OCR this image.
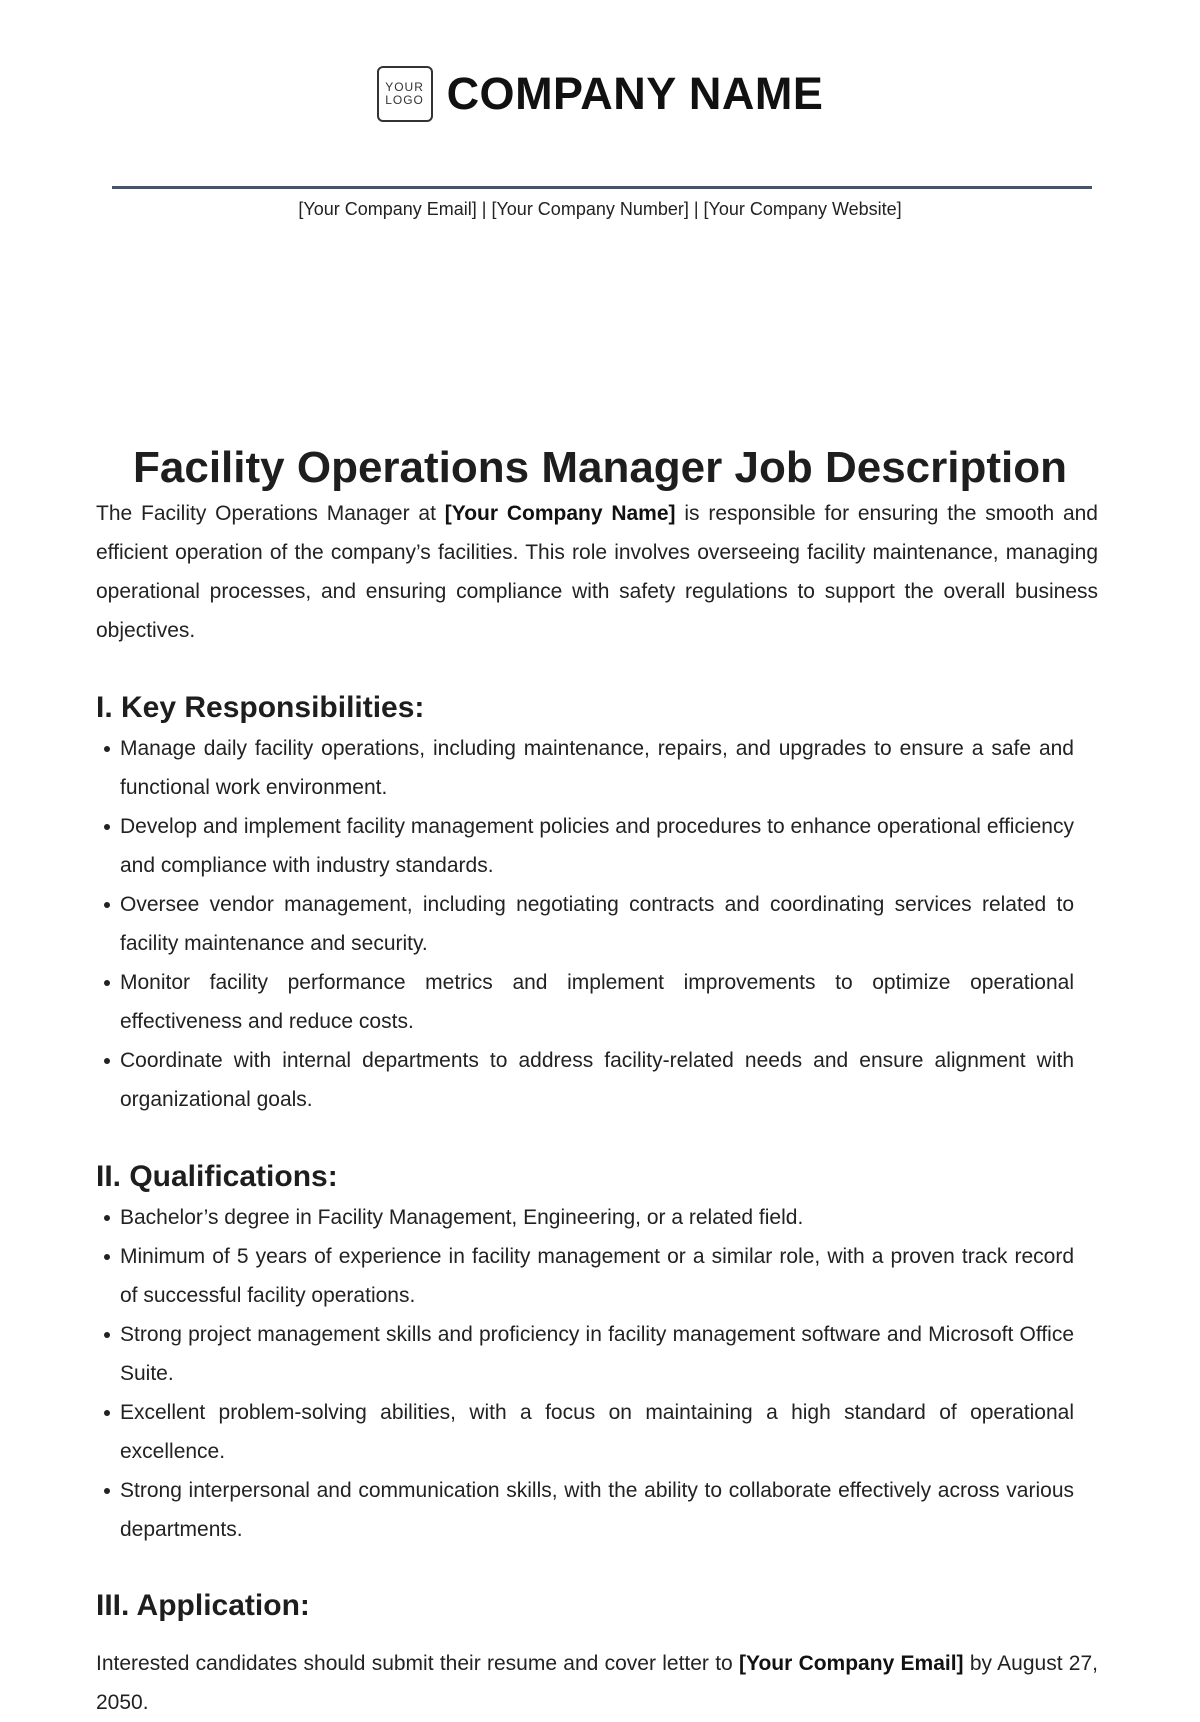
YOUR
LOGO COMPANY NAME
[Your Company Email] | [Your Company Number] | [Your Company Website]
Facility Operations Manager Job Description

The Facility Operations Manager at [Your Company Name] is responsible for ensuring the smooth and efficient operation of the company’s facilities. This role involves overseeing facility maintenance, managing operational processes, and ensuring compliance with safety regulations to support the overall business objectives.

I. Key Responsibilities:
Manage daily facility operations, including maintenance, repairs, and upgrades to ensure a safe and functional work environment.
Develop and implement facility management policies and procedures to enhance operational efficiency and compliance with industry standards.
Oversee vendor management, including negotiating contracts and coordinating services related to facility maintenance and security.
Monitor facility performance metrics and implement improvements to optimize operational effectiveness and reduce costs.
Coordinate with internal departments to address facility-related needs and ensure alignment with organizational goals.
II. Qualifications:
Bachelor’s degree in Facility Management, Engineering, or a related field.
Minimum of 5 years of experience in facility management or a similar role, with a proven track record of successful facility operations.
Strong project management skills and proficiency in facility management software and Microsoft Office Suite.
Excellent problem-solving abilities, with a focus on maintaining a high standard of operational excellence.
Strong interpersonal and communication skills, with the ability to collaborate effectively across various departments.
III. Application:

Interested candidates should submit their resume and cover letter to [Your Company Email] by August 27, 2050.
